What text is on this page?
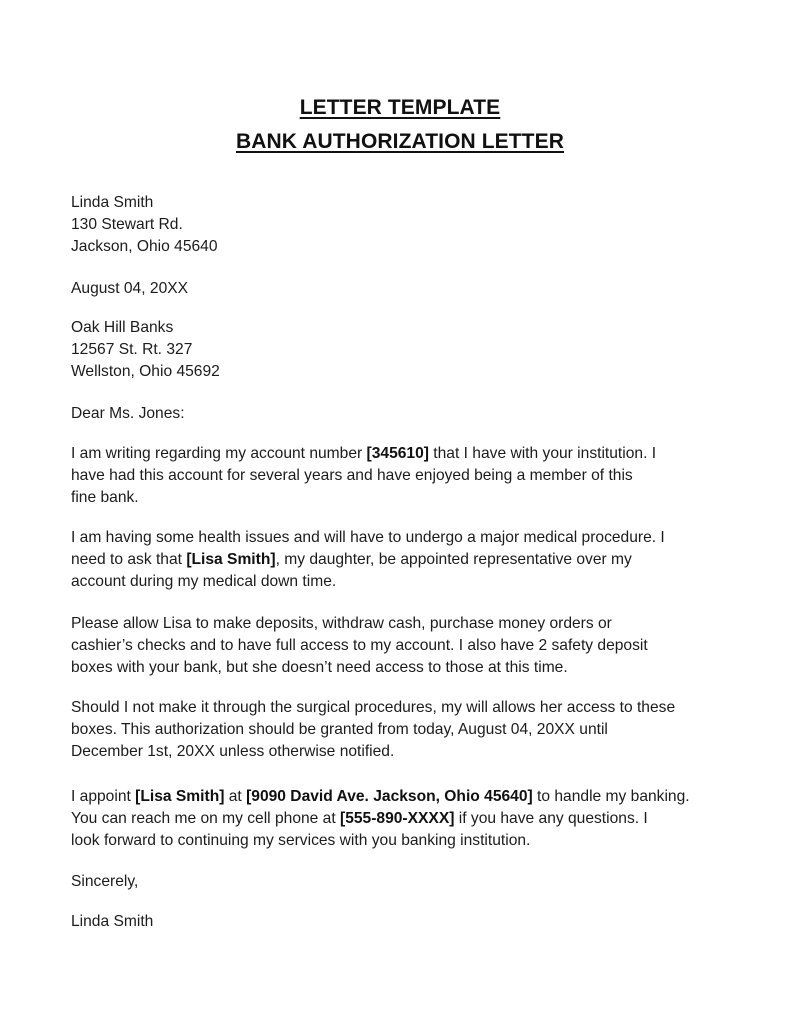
LETTER TEMPLATE
BANK AUTHORIZATION LETTER
Linda Smith
130 Stewart Rd.
Jackson, Ohio 45640
August 04, 20XX
Oak Hill Banks
12567 St. Rt. 327
Wellston, Ohio 45692
Dear Ms. Jones:
I am writing regarding my account number [345610] that I have with your institution. I
have had this account for several years and have enjoyed being a member of this
fine bank.
I am having some health issues and will have to undergo a major medical procedure. I
need to ask that [Lisa Smith], my daughter, be appointed representative over my
account during my medical down time.
Please allow Lisa to make deposits, withdraw cash, purchase money orders or
cashier’s checks and to have full access to my account. I also have 2 safety deposit
boxes with your bank, but she doesn’t need access to those at this time.
Should I not make it through the surgical procedures, my will allows her access to these
boxes. This authorization should be granted from today, August 04, 20XX until
December 1st, 20XX unless otherwise notified.
I appoint [Lisa Smith] at [9090 David Ave. Jackson, Ohio 45640] to handle my banking.
You can reach me on my cell phone at [555-890-XXXX] if you have any questions. I
look forward to continuing my services with you banking institution.
Sincerely,
Linda Smith
